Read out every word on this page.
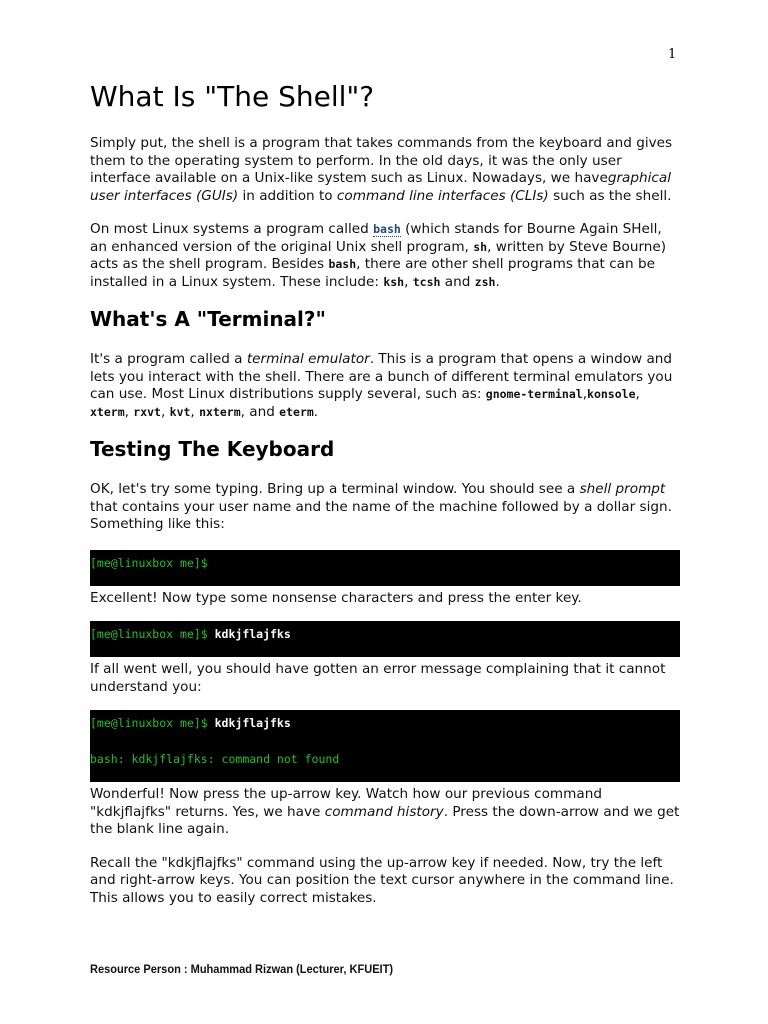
1
What Is "The Shell"?

Simply put, the shell is a program that takes commands from the keyboard and gives them to the operating system to perform. In the old days, it was the only user interface available on a Unix-like system such as Linux. Nowadays, we havegraphical user interfaces (GUIs) in addition to command line interfaces (CLIs) such as the shell.

On most Linux systems a program called bash (which stands for Bourne Again SHell, an enhanced version of the original Unix shell program, sh, written by Steve Bourne) acts as the shell program. Besides bash, there are other shell programs that can be installed in a Linux system. These include: ksh, tcsh and zsh.

What's A "Terminal?"

It's a program called a terminal emulator. This is a program that opens a window and lets you interact with the shell. There are a bunch of different terminal emulators you can use. Most Linux distributions supply several, such as: gnome-terminal,konsole, xterm, rxvt, kvt, nxterm, and eterm.

Testing The Keyboard

OK, let's try some typing. Bring up a terminal window. You should see a shell prompt that contains your user name and the name of the machine followed by a dollar sign. Something like this:

[me@linuxbox me]$

Excellent! Now type some nonsense characters and press the enter key.

[me@linuxbox me]$ kdkjflajfks

If all went well, you should have gotten an error message complaining that it cannot understand you:

[me@linuxbox me]$ kdkjflajfks

bash: kdkjflajfks: command not found

Wonderful! Now press the up-arrow key. Watch how our previous command "kdkjflajfks" returns. Yes, we have command history. Press the down-arrow and we get the blank line again.

Recall the "kdkjflajfks" command using the up-arrow key if needed. Now, try the left and right-arrow keys. You can position the text cursor anywhere in the command line. This allows you to easily correct mistakes.

Resource Person : Muhammad Rizwan (Lecturer, KFUEIT)
